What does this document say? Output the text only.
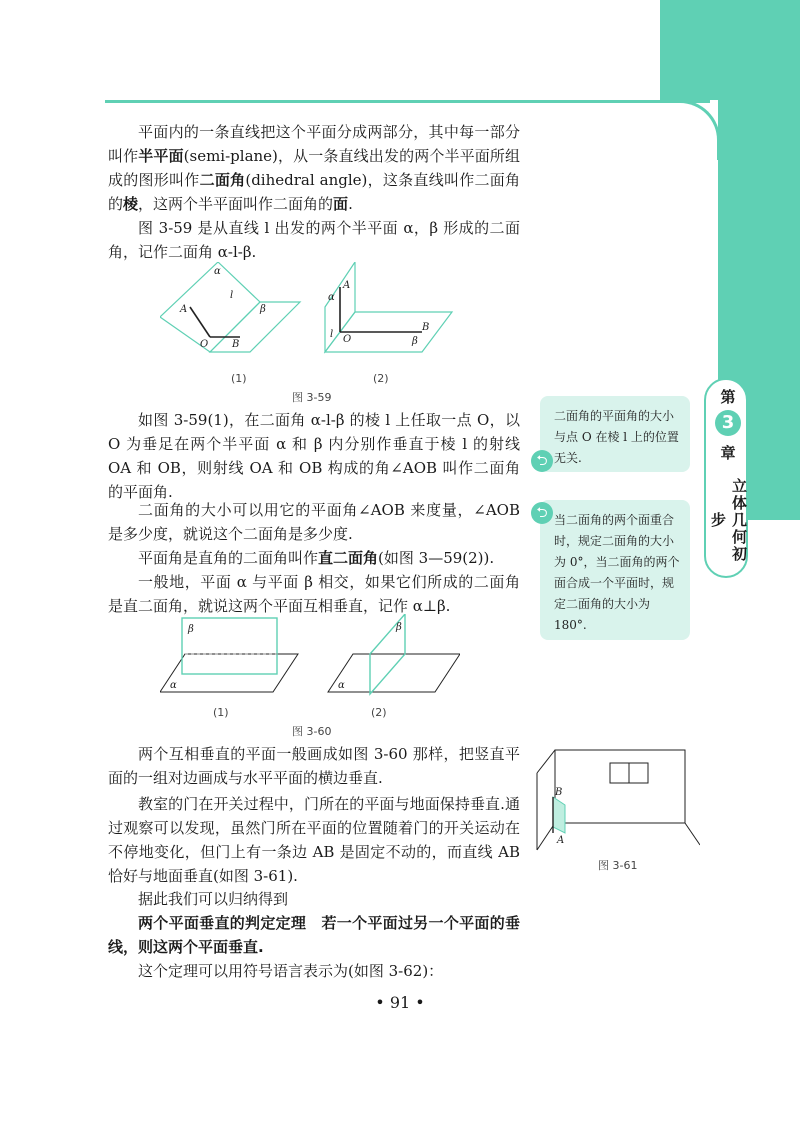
第
3
章
立体几何初步
平面内的一条直线把这个平面分成两部分，其中每一部分叫作半平面(semi-plane)，从一条直线出发的两个半平面所组成的图形叫作二面角(dihedral angle)，这条直线叫作二面角的棱，这两个半平面叫作二面角的面.
图 3-59 是从直线 l 出发的两个半平面 α，β 形成的二面角，记作二面角 α-l-β.
α
l
β
A
O B
α
A
l O
B
β
(1)	(2)
图 3-59
如图 3-59(1)，在二面角 α-l-β 的棱 l 上任取一点 O，以 O 为垂足在两个半平面 α 和 β 内分别作垂直于棱 l 的射线 OA 和 OB，则射线 OA 和 OB 构成的角∠AOB 叫作二面角的平面角.
二面角的大小可以用它的平面角∠AOB 来度量，∠AOB 是多少度，就说这个二面角是多少度.
平面角是直角的二面角叫作直二面角(如图 3—59(2)).
一般地，平面 α 与平面 β 相交，如果它们所成的二面角是直二面角，就说这两个平面互相垂直，记作 α⊥β.
β
α
β
α
(1)	(2)
图 3-60
两个互相垂直的平面一般画成如图 3-60 那样，把竖直平面的一组对边画成与水平平面的横边垂直.
教室的门在开关过程中，门所在的平面与地面保持垂直.通过观察可以发现，虽然门所在平面的位置随着门的开关运动在不停地变化，但门上有一条边 AB 是固定不动的，而直线 AB 恰好与地面垂直(如图 3-61).
据此我们可以归纳得到
两个平面垂直的判定定理　 若一个平面过另一个平面的垂线，则这两个平面垂直.
这个定理可以用符号语言表示为(如图 3-62)：
二面角的平面角的大小与点 O 在棱 l 上的位置无关.
⮌
当二面角的两个面重合时，规定二面角的大小为 0°，当二面角的两个面合成一个平面时，规定二面角的大小为 180°.
⮌
B
A
图 3-61
• 91 •
